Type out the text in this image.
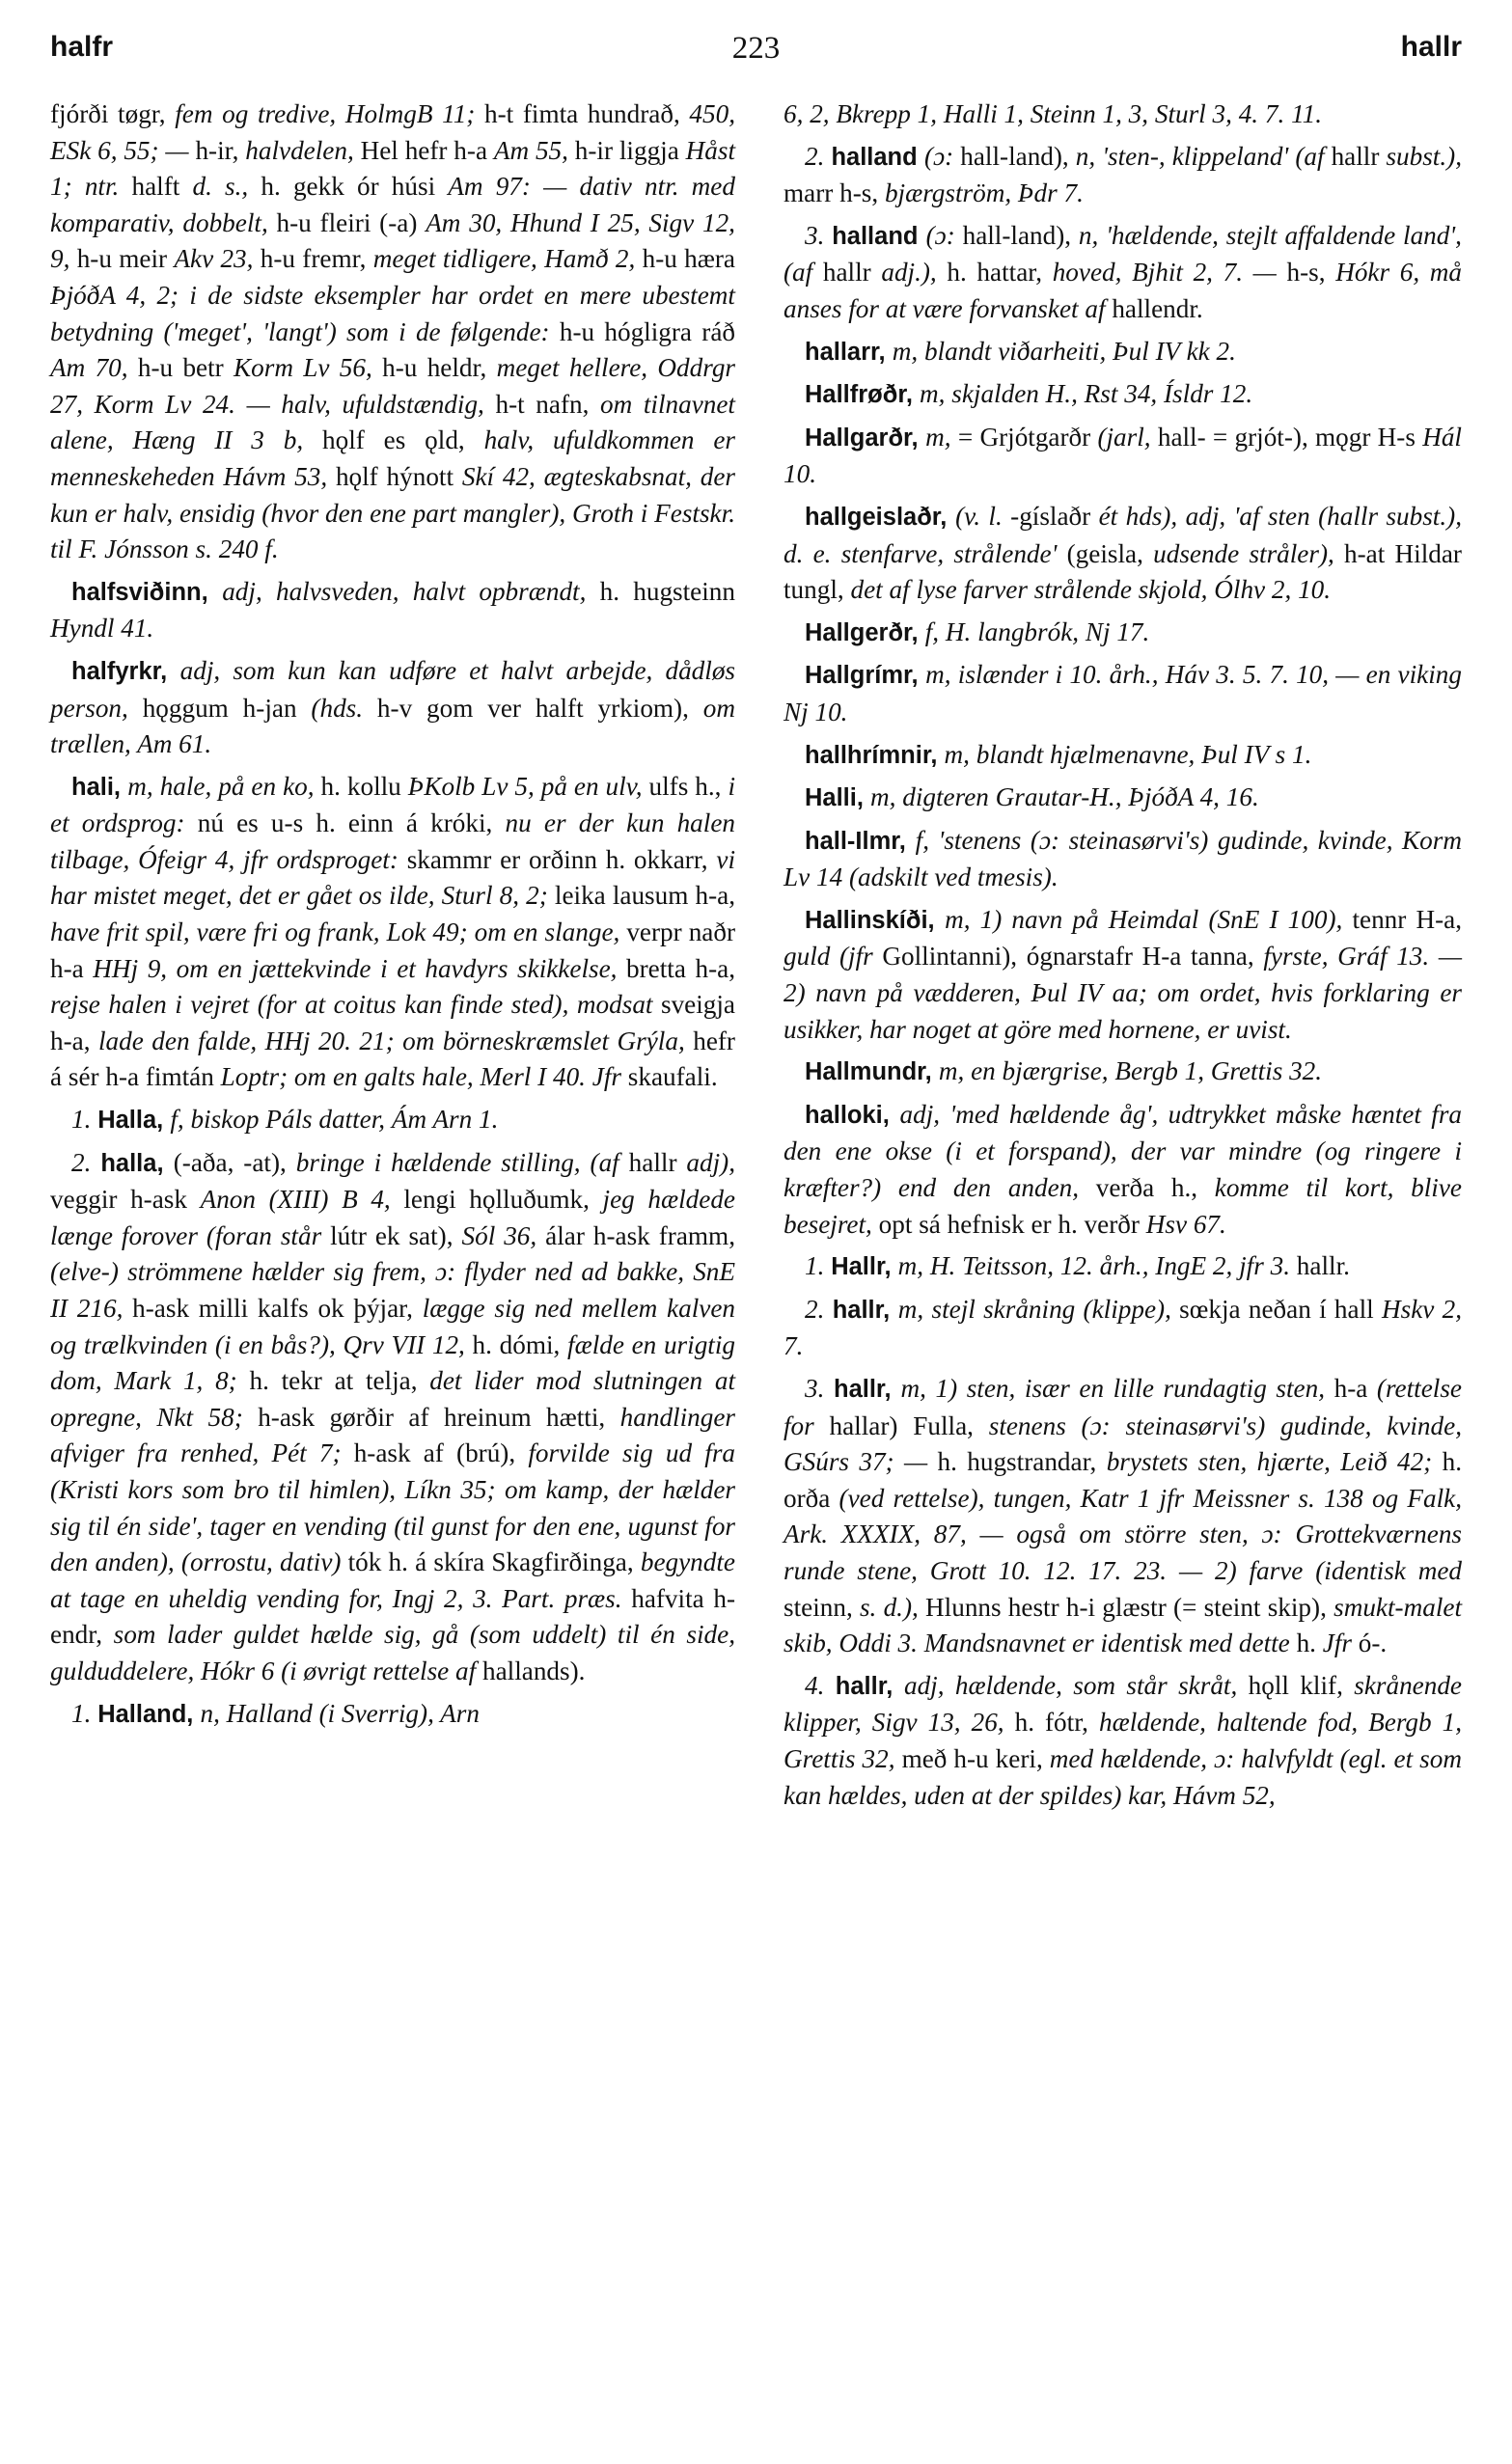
halfr	223	hallr

fjórði tøgr, fem og tredive, HolmgB 11; h-t fimta hundrað, 450, ESk 6, 55; — h-ir, halvdelen, Hel hefr h-a Am 55, h-ir liggja Håst 1; ntr. halft d. s., h. gekk ór húsi Am 97: — dativ ntr. med komparativ, dobbelt, h-u fleiri (-a) Am 30, Hhund I 25, Sigv 12, 9, h-u meir Akv 23, h-u fremr, meget tidligere, Hamð 2, h-u hæra ÞjóðA 4, 2; i de sidste eksempler har ordet en mere ubestemt betydning ('meget', 'langt') som i de følgende: h-u hógligra ráð Am 70, h-u betr Korm Lv 56, h-u heldr, meget hellere, Oddrgr 27, Korm Lv 24. — halv, ufuldstændig, h-t nafn, om tilnavnet alene, Hæng II 3 b, hǫlf es ǫld, halv, ufuldkommen er menneskeheden Hávm 53, hǫlf hýnott Skí 42, ægteskabsnat, der kun er halv, ensidig (hvor den ene part mangler), Groth i Festskr. til F. Jónsson s. 240 f.

halfsviðinn, adj, halvsveden, halvt opbrændt, h. hugsteinn Hyndl 41.

halfyrkr, adj, som kun kan udføre et halvt arbejde, dådløs person, hǫggum h-jan (hds. h-v gom ver halft yrkiom), om trællen, Am 61.

hali, m, hale, på en ko, h. kollu ÞKolb Lv 5, på en ulv, ulfs h., i et ordsprog: nú es u-s h. einn á króki, nu er der kun halen tilbage, Ófeigr 4, jfr ordsproget: skammr er orðinn h. okkarr, vi har mistet meget, det er gået os ilde, Sturl 8, 2; leika lausum h-a, have frit spil, være fri og frank, Lok 49; om en slange, verpr naðr h-a HHj 9, om en jættekvinde i et havdyrs skikkelse, bretta h-a, rejse halen i vejret (for at coitus kan finde sted), modsat sveigja h-a, lade den falde, HHj 20. 21; om börneskræmslet Grýla, hefr á sér h-a fimtán Loptr; om en galts hale, Merl I 40. Jfr skaufali.

1. Halla, f, biskop Páls datter, Ám Arn 1.

2. halla, (-aða, -at), bringe i hældende stilling, (af hallr adj), veggir h-ask Anon (XIII) B 4, lengi hǫlluðumk, jeg hældede længe forover (foran står lútr ek sat), Sól 36, álar h-ask framm, (elve-) strömmene hælder sig frem, ɔ: flyder ned ad bakke, SnE II 216, h-ask milli kalfs ok þýjar, lægge sig ned mellem kalven og trælkvinden (i en bås?), Qrv VII 12, h. dómi, fælde en urigtig dom, Mark 1, 8; h. tekr at telja, det lider mod slutningen at opregne, Nkt 58; h-ask gørðir af hreinum hætti, handlinger afviger fra renhed, Pét 7; h-ask af (brú), forvilde sig ud fra (Kristi kors som bro til himlen), Líkn 35; om kamp, der hælder sig til én side', tager en vending (til gunst for den ene, ugunst for den anden), (orrostu, dativ) tók h. á skíra Skagfirðinga, begyndte at tage en uheldig vending for, Ingj 2, 3. Part. præs. hafvita h-endr, som lader guldet hælde sig, gå (som uddelt) til én side, gulduddelere, Hókr 6 (i øvrigt rettelse af hallands).

1. Halland, n, Halland (i Sverrig), Arn

6, 2, Bkrepp 1, Halli 1, Steinn 1, 3, Sturl 3, 4. 7. 11.

2. halland (ɔ: hall-land), n, 'sten-, klippeland' (af hallr subst.), marr h-s, bjærgström, Þdr 7.

3. halland (ɔ: hall-land), n, 'hældende, stejlt affaldende land', (af hallr adj.), h. hattar, hoved, Bjhit 2, 7. — h-s, Hókr 6, må anses for at være forvansket af hallendr.

hallarr, m, blandt viðarheiti, Þul IV kk 2.

Hallfrøðr, m, skjalden H., Rst 34, Ísldr 12.

Hallgarðr, m, = Grjótgarðr (jarl, hall- = grjót-), mǫgr H-s Hál 10.

hallgeislaðr, (v. l. -gíslaðr ét hds), adj, 'af sten (hallr subst.), d. e. stenfarve, strålende' (geisla, udsende stråler), h-at Hildar tungl, det af lyse farver strålende skjold, Ólhv 2, 10.

Hallgerðr, f, H. langbrók, Nj 17.

Hallgrímr, m, islænder i 10. årh., Háv 3. 5. 7. 10, — en viking Nj 10.

hallhrímnir, m, blandt hjælmenavne, Þul IV s 1.

Halli, m, digteren Grautar-H., ÞjóðA 4, 16.

hall-Ilmr, f, 'stenens (ɔ: steinasørvi's) gudinde, kvinde, Korm Lv 14 (adskilt ved tmesis).

Hallinskíði, m, 1) navn på Heimdal (SnE I 100), tennr H-a, guld (jfr Gollintanni), ógnarstafr H-a tanna, fyrste, Gráf 13. — 2) navn på vædderen, Þul IV aa; om ordet, hvis forklaring er usikker, har noget at göre med hornene, er uvist.

Hallmundr, m, en bjærgrise, Bergb 1, Grettis 32.

halloki, adj, 'med hældende åg', udtrykket måske hæntet fra den ene okse (i et forspand), der var mindre (og ringere i kræfter?) end den anden, verða h., komme til kort, blive besejret, opt sá hefnisk er h. verðr Hsv 67.

1. Hallr, m, H. Teitsson, 12. årh., IngE 2, jfr 3. hallr.

2. hallr, m, stejl skråning (klippe), sœkja neðan í hall Hskv 2, 7.

3. hallr, m, 1) sten, især en lille rundagtig sten, h-a (rettelse for hallar) Fulla, stenens (ɔ: steinasørvi's) gudinde, kvinde, GSúrs 37; — h. hugstrandar, brystets sten, hjærte, Leið 42; h. orða (ved rettelse), tungen, Katr 1 jfr Meissner s. 138 og Falk, Ark. XXXIX, 87, — også om större sten, ɔ: Grottekværnens runde stene, Grott 10. 12. 17. 23. — 2) farve (identisk med steinn, s. d.), Hlunns hestr h-i glæstr (= steint skip), smukt-malet skib, Oddi 3. Mandsnavnet er identisk med dette h. Jfr ó-.

4. hallr, adj, hældende, som står skråt, hǫll klif, skrånende klipper, Sigv 13, 26, h. fótr, hældende, haltende fod, Bergb 1, Grettis 32, með h-u keri, med hældende, ɔ: halvfyldt (egl. et som kan hældes, uden at der spildes) kar, Hávm 52,
